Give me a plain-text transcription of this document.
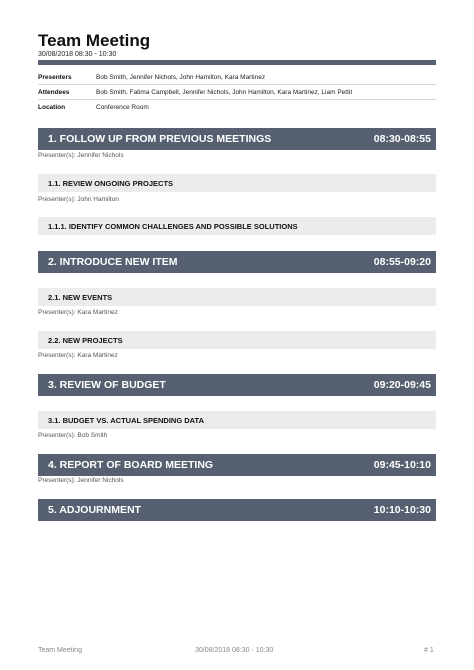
Team Meeting
30/08/2018 08:30 - 10:30
Presenters	Bob Smith, Jennifer Nichols, John Hamilton, Kara Martinez
Attendees	Bob Smith, Fatima Campbell, Jennifer Nichols, John Hamilton, Kara Martinez, Liam Pettit
Location	Conference Room
1. FOLLOW UP FROM PREVIOUS MEETINGS	08:30-08:55
Presenter(s): Jennifer Nichols
1.1. REVIEW ONGOING PROJECTS
Presenter(s): John Hamilton
1.1.1. IDENTIFY COMMON CHALLENGES AND POSSIBLE SOLUTIONS
2. INTRODUCE NEW ITEM	08:55-09:20
2.1. NEW EVENTS
Presenter(s): Kara Martinez
2.2. NEW PROJECTS
Presenter(s): Kara Martinez
3. REVIEW OF BUDGET	09:20-09:45
3.1. BUDGET VS. ACTUAL SPENDING DATA
Presenter(s): Bob Smith
4. REPORT OF BOARD MEETING	09:45-10:10
Presenter(s): Jennifer Nichols
5. ADJOURNMENT	10:10-10:30
Team Meeting	30/08/2018 08:30 - 10:30	# 1
